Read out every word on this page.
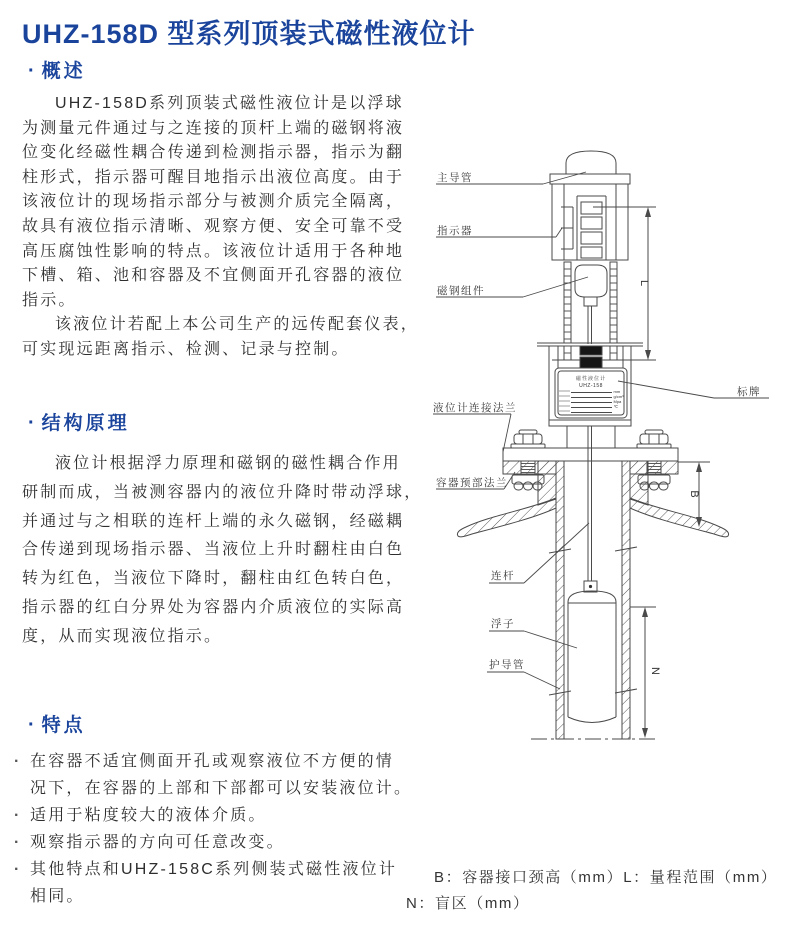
UHZ-158D 型系列顶装式磁性液位计
· 概述
UHZ-158D系列顶装式磁性液位计是以浮球
为测量元件通过与之连接的顶杆上端的磁钢将液
位变化经磁性耦合传递到检测指示器，指示为翻
柱形式，指示器可醒目地指示出液位高度。由于
该液位计的现场指示部分与被测介质完全隔离，
故具有液位指示清晰、观察方便、安全可靠不受
高压腐蚀性影响的特点。该液位计适用于各种地
下槽、箱、池和容器及不宜侧面开孔容器的液位
指示。
该液位计若配上本公司生产的远传配套仪表，
可实现远距离指示、检测、记录与控制。
· 结构原理
液位计根据浮力原理和磁钢的磁性耦合作用
研制而成，当被测容器内的液位升降时带动浮球，
并通过与之相联的连杆上端的永久磁钢，经磁耦
合传递到现场指示器、当液位上升时翻柱由白色
转为红色，当液位下降时，翻柱由红色转白色，
指示器的红白分界处为容器内介质液位的实际高
度，从而实现液位指示。
· 特点
· 在容器不适宜侧面开孔或观察液位不方便的情
况下，在容器的上部和下部都可以安装液位计。
· 适用于粘度较大的液体介质。
· 观察指示器的方向可任意改变。
· 其他特点和UHZ-158C系列侧装式磁性液位计
相同。
B：容器接口颈高（mm）L：量程范围（mm）
N：盲区（mm）
磁性液位计
UHZ-158
mm
g/cm³
Mpa
℃
L
B
N
主导管
指示器
磁钢组件
标牌
液位计连接法兰
容器预部法兰
连杆
浮子
护导管
